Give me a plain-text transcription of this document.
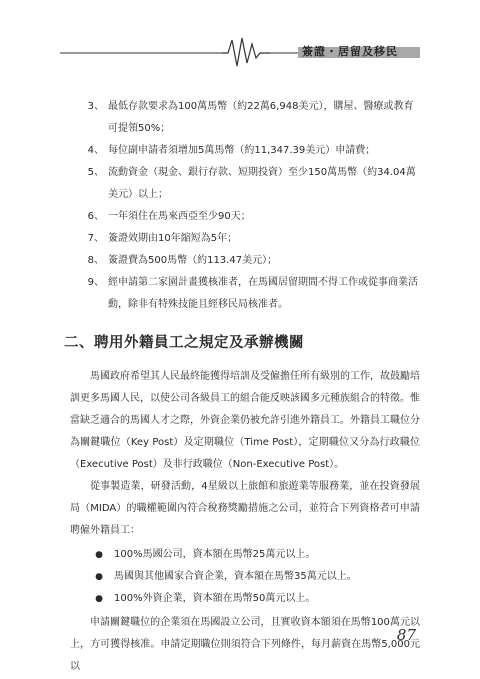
簽證・居留及移民
3、 最低存款要求為100萬馬幣（約22萬6,948美元），購屋、醫療或教育可提領50%；
4、 每位副申請者須增加5萬馬幣（約11,347.39美元）申請費；
5、 流動資金（現金、銀行存款、短期投資）至少150萬馬幣（約34.04萬美元）以上；
6、 一年須住在馬來西亞至少90天；
7、 簽證效期由10年縮短為5年；
8、 簽證費為500馬幣（約113.47美元）；
9、 經申請第二家園計畫獲核准者，在馬國居留期間不得工作或從事商業活動，除非有特殊技能且經移民局核准者。
二、聘用外籍員工之規定及承辦機關

馬國政府希望其人民最終能獲得培訓及受僱擔任所有級別的工作，故鼓勵培訓更多馬國人民，以使公司各級員工的組合能反映該國多元種族組合的特徵。惟當缺乏適合的馬國人才之際，外資企業仍被允許引進外籍員工。外籍員工職位分為關鍵職位（Key Post）及定期職位（Time Post），定期職位又分為行政職位（Executive Post）及非行政職位（Non-Executive Post）。

從事製造業，研發活動，4星級以上旅館和旅遊業等服務業，並在投資發展局（MIDA）的職權範圍內符合稅務獎勵措施之公司，並符合下列資格者可申請聘僱外籍員工：

●	100%馬國公司，資本額在馬幣25萬元以上。
●	馬國與其他國家合資企業，資本額在馬幣35萬元以上。
●	100%外資企業，資本額在馬幣50萬元以上。

申請關鍵職位的企業須在馬國設立公司，且實收資本額須在馬幣100萬元以上，方可獲得核准。申請定期職位則須符合下列條件，每月薪資在馬幣5,000元以

87
